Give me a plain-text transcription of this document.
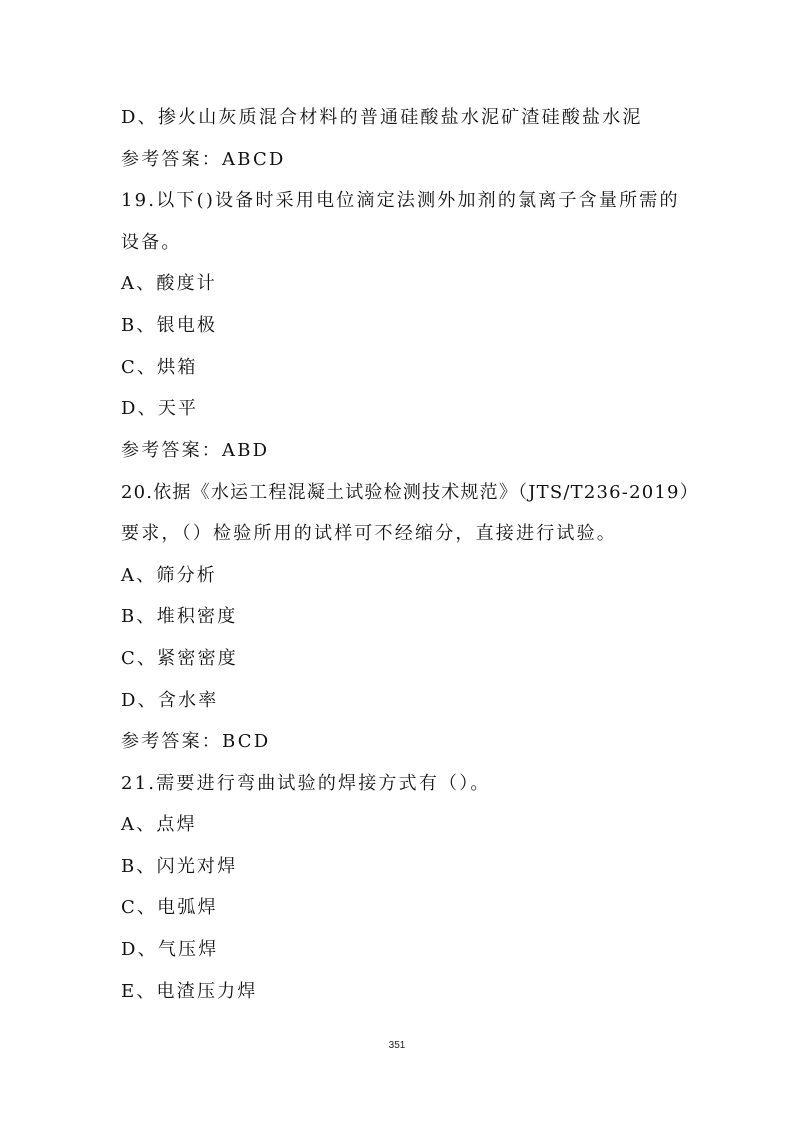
D、掺火山灰质混合材料的普通硅酸盐水泥矿渣硅酸盐水泥
参考答案：ABCD
19.以下()设备时采用电位滴定法测外加剂的氯离子含量所需的
设备。
A、酸度计
B、银电极
C、烘箱
D、天平
参考答案：ABD
20.依据《水运工程混凝土试验检测技术规范》（JTS/T236-2019）
要求，（）检验所用的试样可不经缩分，直接进行试验。
A、筛分析
B、堆积密度
C、紧密密度
D、含水率
参考答案：BCD
21.需要进行弯曲试验的焊接方式有（）。
A、点焊
B、闪光对焊
C、电弧焊
D、气压焊
E、电渣压力焊
351
